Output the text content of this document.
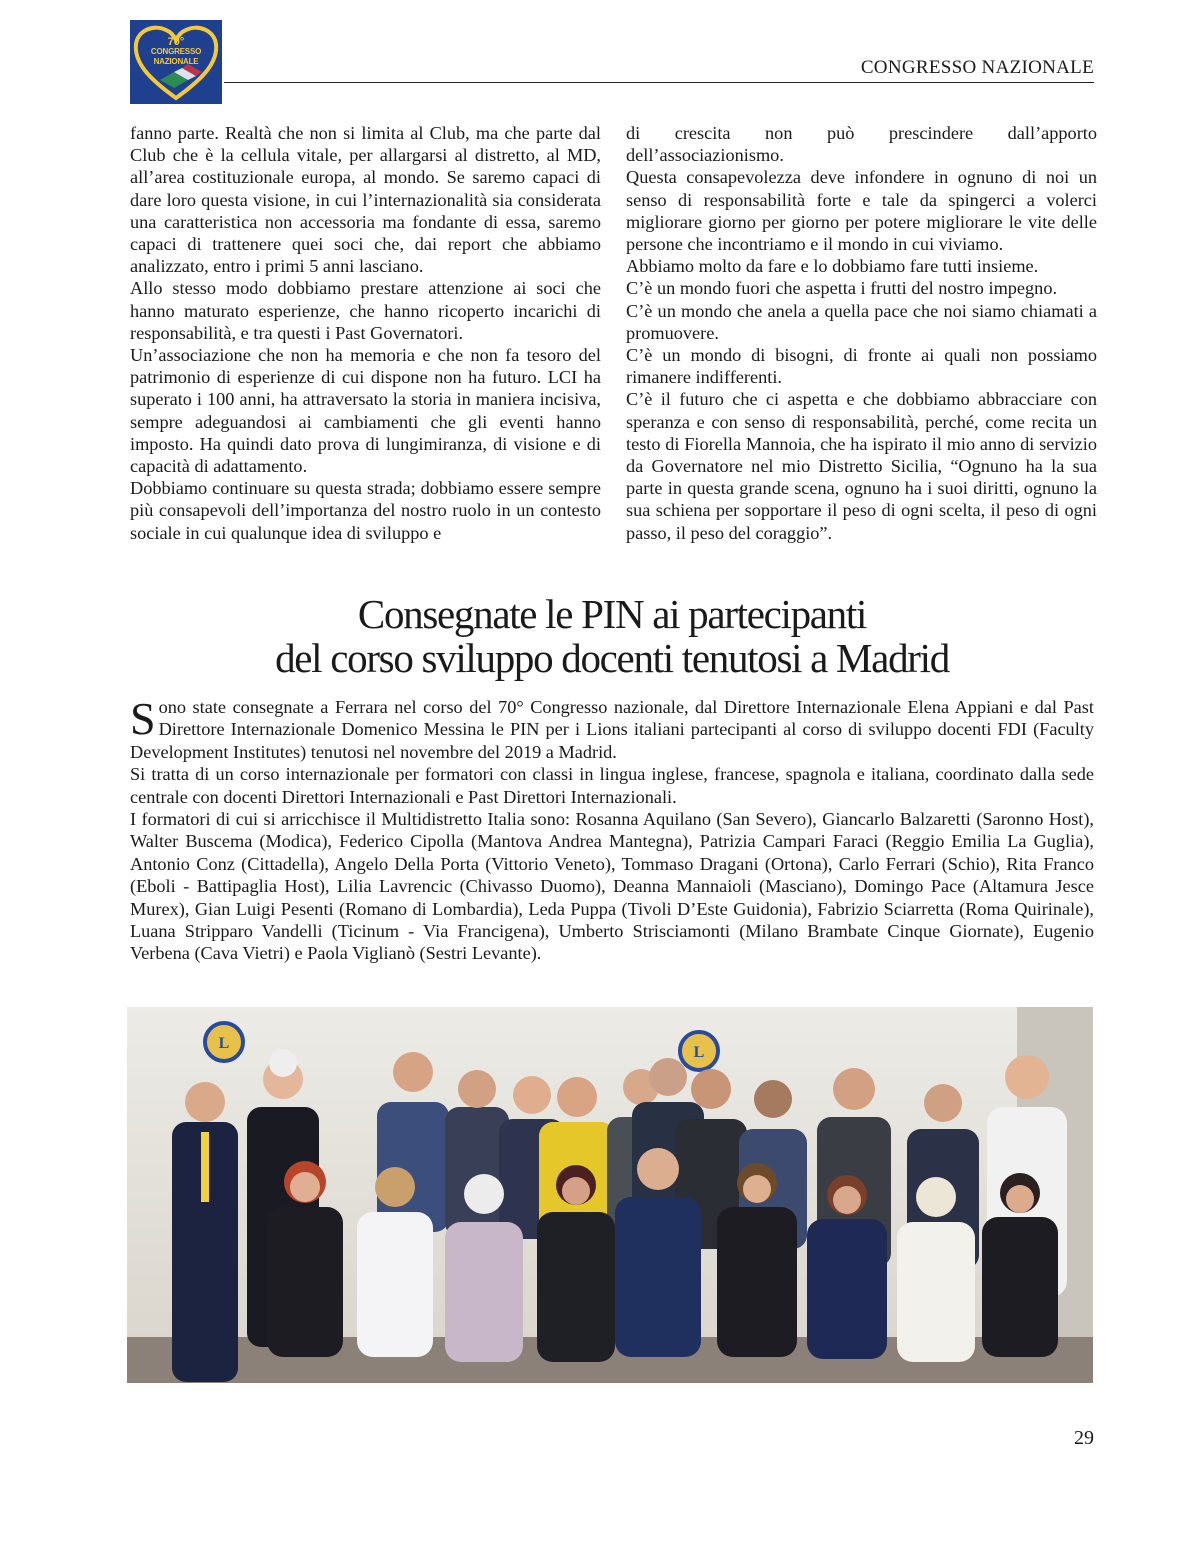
70°
CONGRESSO
NAZIONALE	CONGRESSO NAZIONALE

fanno parte. Realtà che non si limita al Club, ma che parte dal Club che è la cellula vitale, per allargarsi al distretto, al MD, all’area costituzionale europa, al mondo. Se saremo capaci di dare loro questa visione, in cui l’internazionalità sia considerata una caratteristica non accessoria ma fondante di essa, saremo capaci di trattenere quei soci che, dai report che abbiamo analizzato, entro i primi 5 anni lasciano.

Allo stesso modo dobbiamo prestare attenzione ai soci che hanno maturato esperienze, che hanno ricoperto incarichi di responsabilità, e tra questi i Past Governatori.

Un’associazione che non ha memoria e che non fa tesoro del patrimonio di esperienze di cui dispone non ha futuro. LCI ha superato i 100 anni, ha attraversato la storia in maniera incisiva, sempre adeguandosi ai cambiamenti che gli eventi hanno imposto. Ha quindi dato prova di lungimiranza, di visione e di capacità di adattamento.

Dobbiamo continuare su questa strada; dobbiamo essere sempre più consapevoli dell’importanza del nostro ruolo in un contesto sociale in cui qualunque idea di sviluppo e

di crescita non può prescindere dall’apporto dell’associazionismo.

Questa consapevolezza deve infondere in ognuno di noi un senso di responsabilità forte e tale da spingerci a volerci migliorare giorno per giorno per potere migliorare le vite delle persone che incontriamo e il mondo in cui viviamo.

Abbiamo molto da fare e lo dobbiamo fare tutti insieme.

C’è un mondo fuori che aspetta i frutti del nostro impegno.

C’è un mondo che anela a quella pace che noi siamo chiamati a promuovere.

C’è un mondo di bisogni, di fronte ai quali non possiamo rimanere indifferenti.

C’è il futuro che ci aspetta e che dobbiamo abbracciare con speranza e con senso di responsabilità, perché, come recita un testo di Fiorella Mannoia, che ha ispirato il mio anno di servizio da Governatore nel mio Distretto Sicilia, “Ognuno ha la sua parte in questa grande scena, ognuno ha i suoi diritti, ognuno la sua schiena per sopportare il peso di ogni scelta, il peso di ogni passo, il peso del coraggio”.

Consegnate le PIN ai partecipanti
del corso sviluppo docenti tenutosi a Madrid

Sono state consegnate a Ferrara nel corso del 70° Congresso nazionale, dal Direttore Internazionale Elena Appiani e dal Past Direttore Internazionale Domenico Messina le PIN per i Lions italiani partecipanti al corso di sviluppo docenti FDI (Faculty Development Institutes) tenutosi nel novembre del 2019 a Madrid.

Si tratta di un corso internazionale per formatori con classi in lingua inglese, francese, spagnola e italiana, coordinato dalla sede centrale con docenti Direttori Internazionali e Past Direttori Internazionali.

I formatori di cui si arricchisce il Multidistretto Italia sono: Rosanna Aquilano (San Severo), Giancarlo Balzaretti (Saronno Host), Walter Buscema (Modica), Federico Cipolla (Mantova Andrea Mantegna), Patrizia Campari Faraci (Reggio Emilia La Guglia), Antonio Conz (Cittadella), Angelo Della Porta (Vittorio Veneto), Tommaso Dragani (Ortona), Carlo Ferrari (Schio), Rita Franco (Eboli - Battipaglia Host), Lilia Lavrencic (Chivasso Duomo), Deanna Mannaioli (Masciano), Domingo Pace (Altamura Jesce Murex), Gian Luigi Pesenti (Romano di Lombardia), Leda Puppa (Tivoli D’Este Guidonia), Fabrizio Sciarretta (Roma Quirinale), Luana Stripparo Vandelli (Ticinum - Via Francigena), Umberto Strisciamonti (Milano Brambate Cinque Giornate), Eugenio Verbena (Cava Vietri) e Paola Viglianò (Sestri Levante).

L
L
29
